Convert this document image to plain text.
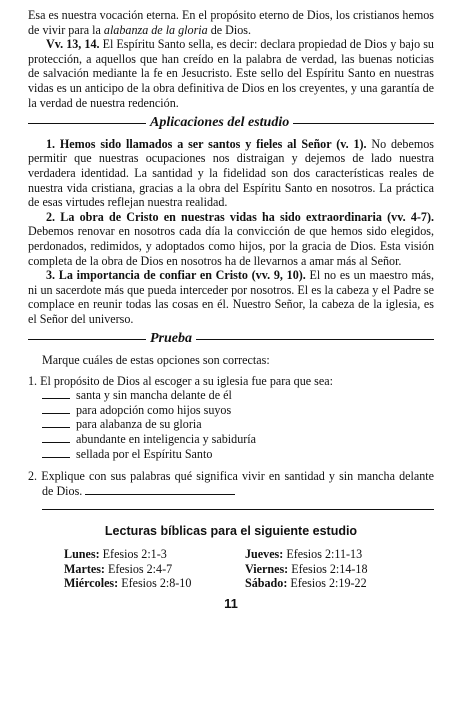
Esa es nuestra vocación eterna. En el propósito eterno de Dios, los cristianos hemos de vivir para la alabanza de la gloria de Dios.

Vv. 13, 14. El Espíritu Santo sella, es decir: declara propiedad de Dios y bajo su protección, a aquellos que han creído en la palabra de verdad, las buenas noticias de salvación mediante la fe en Jesucristo. Este sello del Espíritu Santo en nuestras vidas es un anticipo de la obra definitiva de Dios en los creyentes, y una garantía de la verdad de nuestra redención.

Aplicaciones del estudio

1. Hemos sido llamados a ser santos y fieles al Señor (v. 1). No debemos permitir que nuestras ocupaciones nos distraigan y dejemos de lado nuestra verdadera identidad. La santidad y la fidelidad son dos características reales de nuestra vida cristiana, gracias a la obra del Espíritu Santo en nosotros. La práctica de esas virtudes reflejan nuestra realidad.

2. La obra de Cristo en nuestras vidas ha sido extraordinaria (vv. 4-7). Debemos renovar en nosotros cada día la convicción de que hemos sido elegidos, perdonados, redimidos, y adoptados como hijos, por la gracia de Dios. Esta visión completa de la obra de Dios en nosotros ha de llevarnos a amar más al Señor.

3. La importancia de confiar en Cristo (vv. 9, 10). El no es un maestro más, ni un sacerdote más que pueda interceder por nosotros. El es la cabeza y el Padre se complace en reunir todas las cosas en él. Nuestro Señor, la cabeza de la iglesia, es el Señor del universo.

Prueba
Marque cuáles de estas opciones son correctas:
1. El propósito de Dios al escoger a su iglesia fue para que sea:
santa y sin mancha delante de él
para adopción como hijos suyos
para alabanza de su gloria
abundante en inteligencia y sabiduría
sellada por el Espíritu Santo

2. Explique con sus palabras qué significa vivir en santidad y sin mancha delante de Dios.

Lecturas bíblicas para el siguiente estudio
Lunes: Efesios 2:1-3
Martes: Efesios 2:4-7
Miércoles: Efesios 2:8-10
Jueves: Efesios 2:11-13
Viernes: Efesios 2:14-18
Sábado: Efesios 2:19-22
11
